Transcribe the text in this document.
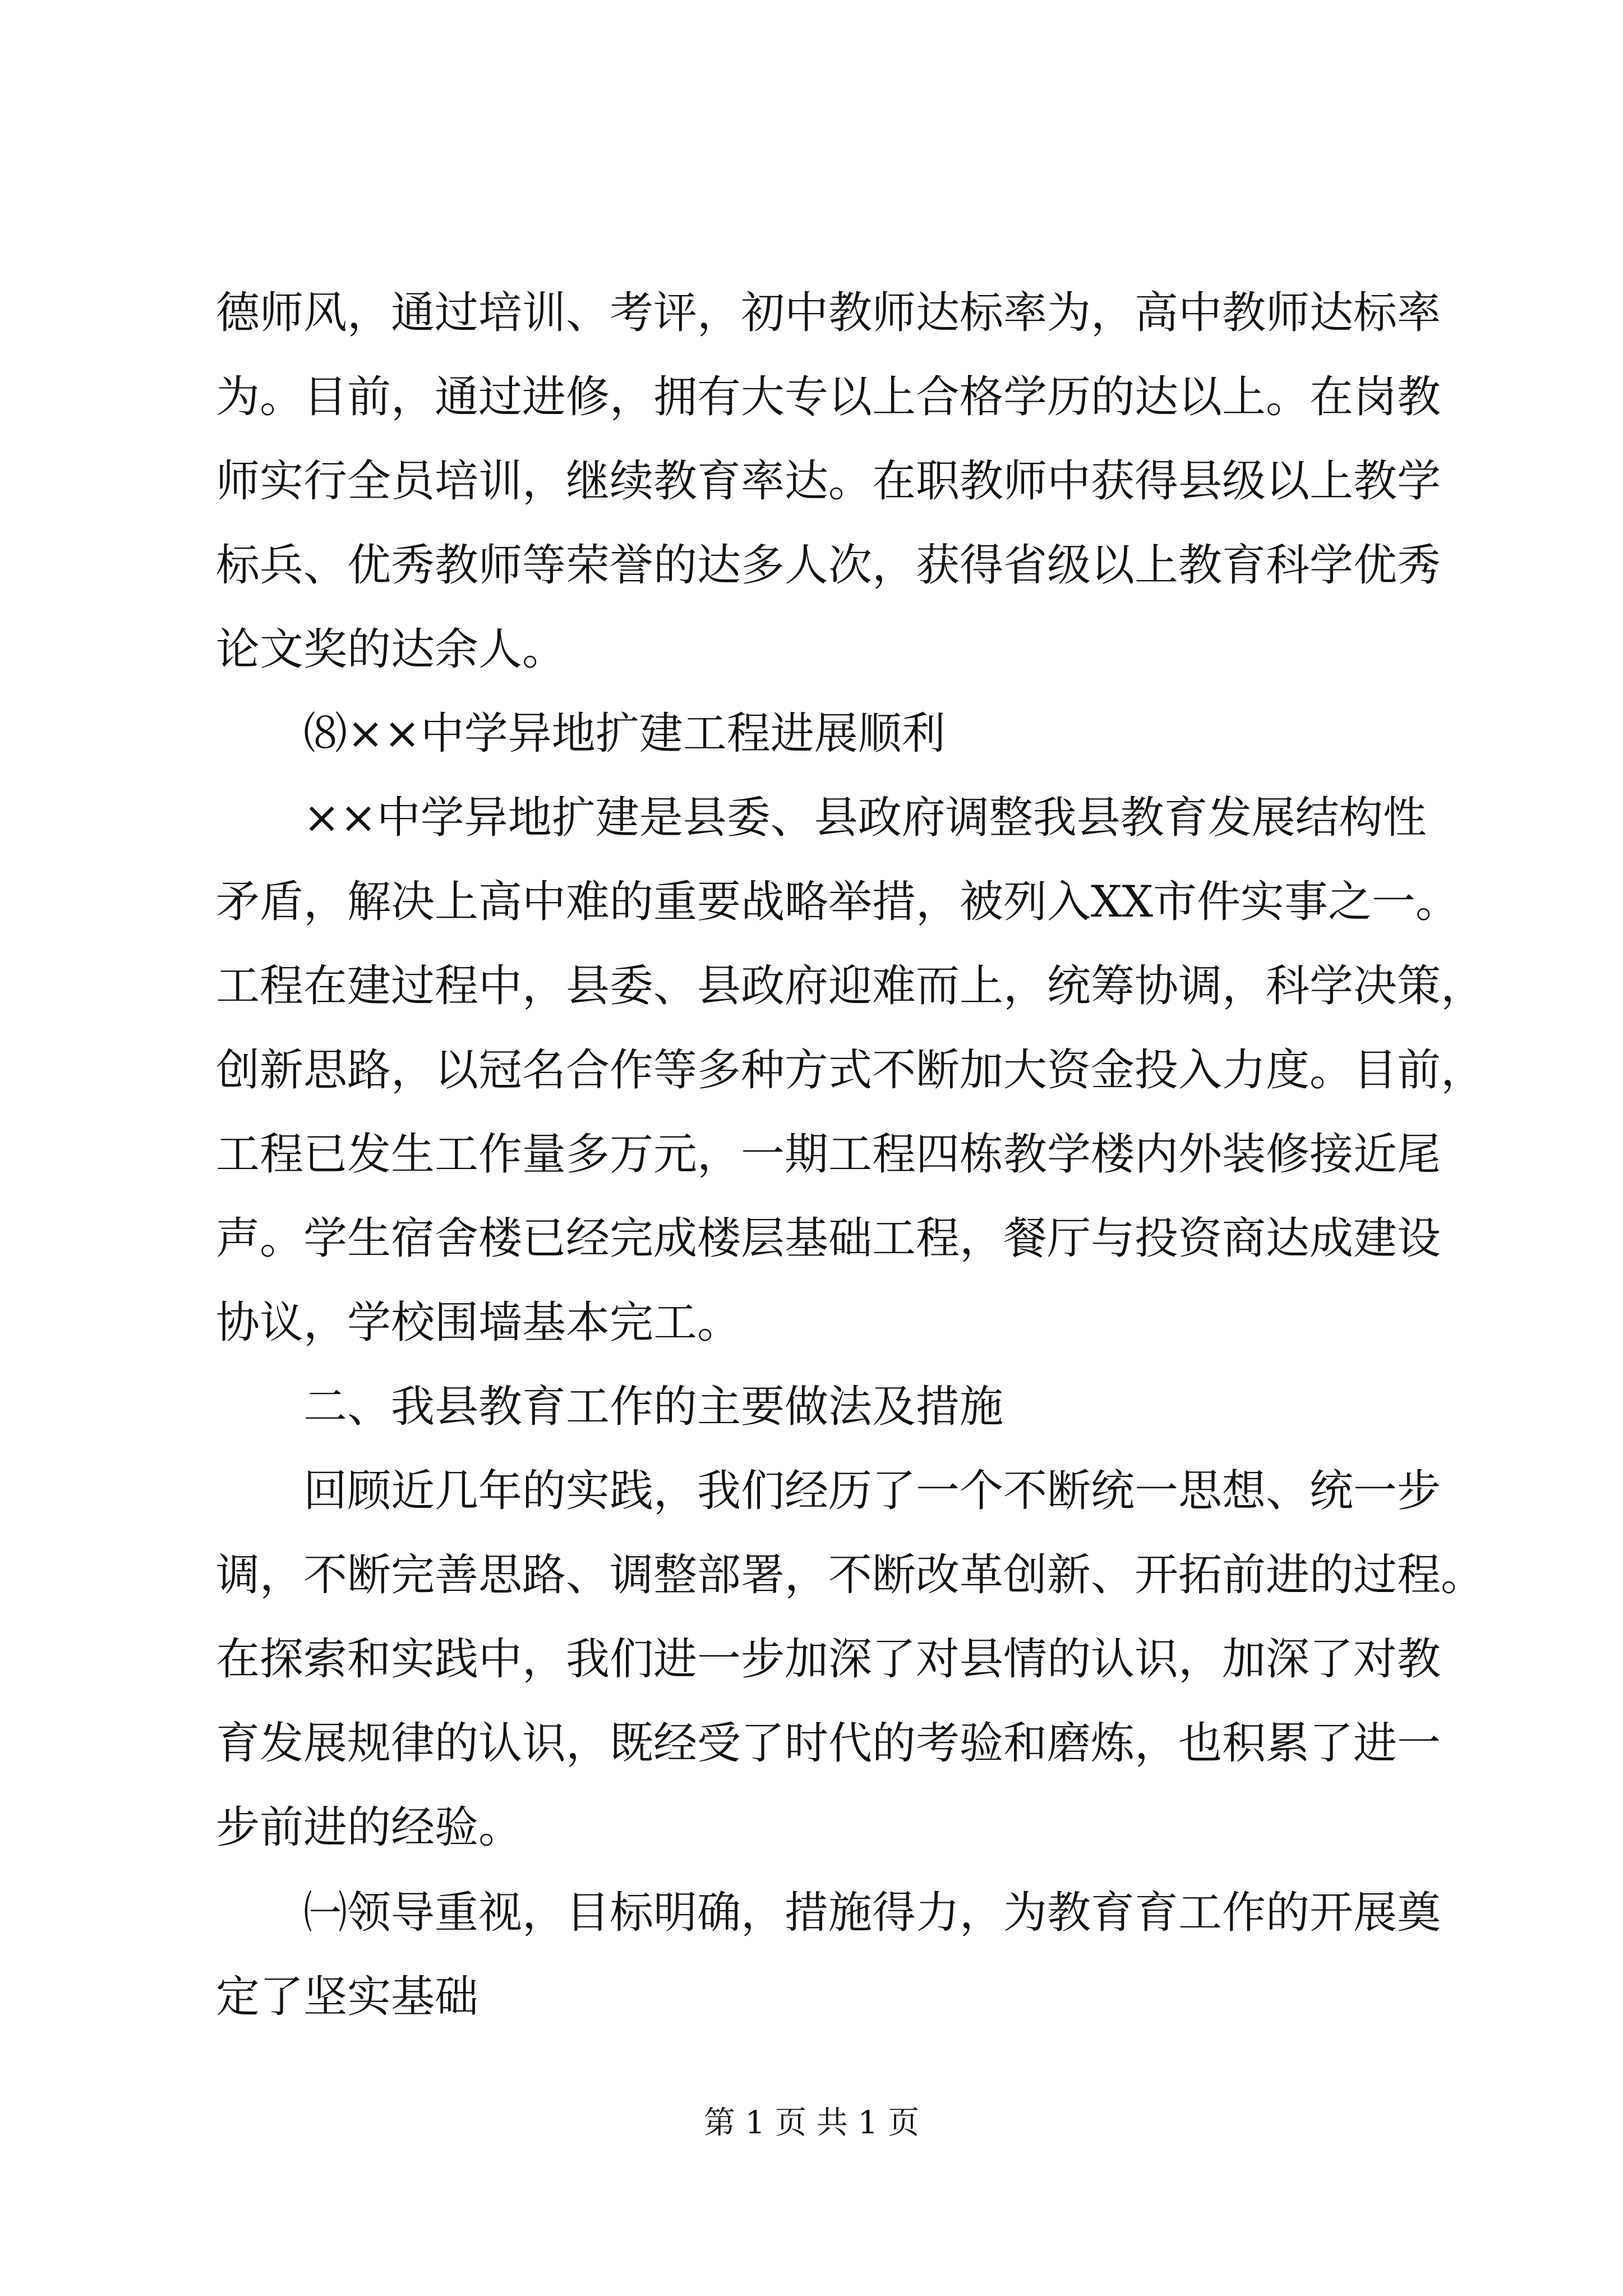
德师风，通过培训、考评，初中教师达标率为，高中教师达标率
为。目前，通过进修，拥有大专以上合格学历的达以上。在岗教
师实行全员培训，继续教育率达。在职教师中获得县级以上教学
标兵、优秀教师等荣誉的达多人次，获得省级以上教育科学优秀
论文奖的达余人。
⑻××中学异地扩建工程进展顺利
××中学异地扩建是县委、县政府调整我县教育发展结构性
矛盾，解决上高中难的重要战略举措，被列入XX市件实事之一。
工程在建过程中，县委、县政府迎难而上，统筹协调，科学决策，
创新思路，以冠名合作等多种方式不断加大资金投入力度。目前，
工程已发生工作量多万元，一期工程四栋教学楼内外装修接近尾
声。学生宿舍楼已经完成楼层基础工程，餐厅与投资商达成建设
协议，学校围墙基本完工。
二、我县教育工作的主要做法及措施
回顾近几年的实践，我们经历了一个不断统一思想、统一步
调，不断完善思路、调整部署，不断改革创新、开拓前进的过程。
在探索和实践中，我们进一步加深了对县情的认识，加深了对教
育发展规律的认识，既经受了时代的考验和磨炼，也积累了进一
步前进的经验。
㈠领导重视，目标明确，措施得力，为教育育工作的开展奠
定了坚实基础
第 1 页 共 1 页
